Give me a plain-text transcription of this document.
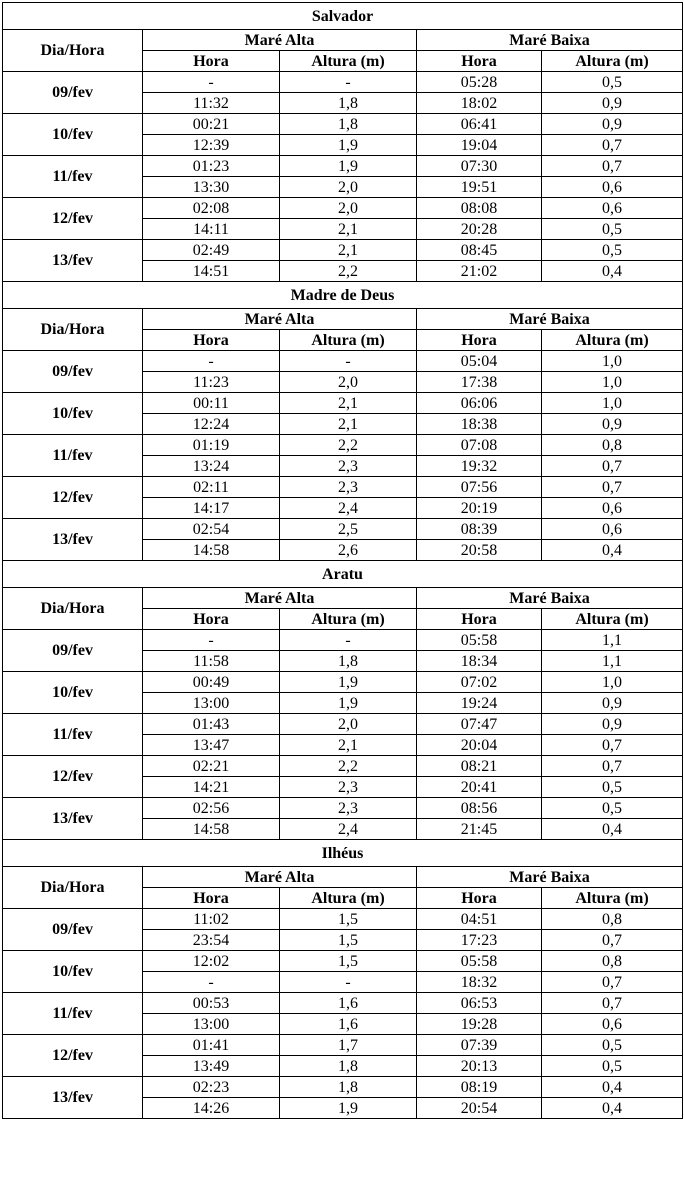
Salvador				
Dia/Hora	Maré Alta		Maré Baixa	
	Hora	Altura (m)	Hora	Altura (m)
09/fev	-	-	05:28	0,5
	11:32	1,8	18:02	0,9
10/fev	00:21	1,8	06:41	0,9
	12:39	1,9	19:04	0,7
11/fev	01:23	1,9	07:30	0,7
	13:30	2,0	19:51	0,6
12/fev	02:08	2,0	08:08	0,6
	14:11	2,1	20:28	0,5
13/fev	02:49	2,1	08:45	0,5
	14:51	2,2	21:02	0,4
Madre de Deus				
Dia/Hora	Maré Alta		Maré Baixa	
	Hora	Altura (m)	Hora	Altura (m)
09/fev	-	-	05:04	1,0
	11:23	2,0	17:38	1,0
10/fev	00:11	2,1	06:06	1,0
	12:24	2,1	18:38	0,9
11/fev	01:19	2,2	07:08	0,8
	13:24	2,3	19:32	0,7
12/fev	02:11	2,3	07:56	0,7
	14:17	2,4	20:19	0,6
13/fev	02:54	2,5	08:39	0,6
	14:58	2,6	20:58	0,4
Aratu				
Dia/Hora	Maré Alta		Maré Baixa	
	Hora	Altura (m)	Hora	Altura (m)
09/fev	-	-	05:58	1,1
	11:58	1,8	18:34	1,1
10/fev	00:49	1,9	07:02	1,0
	13:00	1,9	19:24	0,9
11/fev	01:43	2,0	07:47	0,9
	13:47	2,1	20:04	0,7
12/fev	02:21	2,2	08:21	0,7
	14:21	2,3	20:41	0,5
13/fev	02:56	2,3	08:56	0,5
	14:58	2,4	21:45	0,4
Ilhéus				
Dia/Hora	Maré Alta		Maré Baixa	
	Hora	Altura (m)	Hora	Altura (m)
09/fev	11:02	1,5	04:51	0,8
	23:54	1,5	17:23	0,7
10/fev	12:02	1,5	05:58	0,8
	-	-	18:32	0,7
11/fev	00:53	1,6	06:53	0,7
	13:00	1,6	19:28	0,6
12/fev	01:41	1,7	07:39	0,5
	13:49	1,8	20:13	0,5
13/fev	02:23	1,8	08:19	0,4
	14:26	1,9	20:54	0,4
